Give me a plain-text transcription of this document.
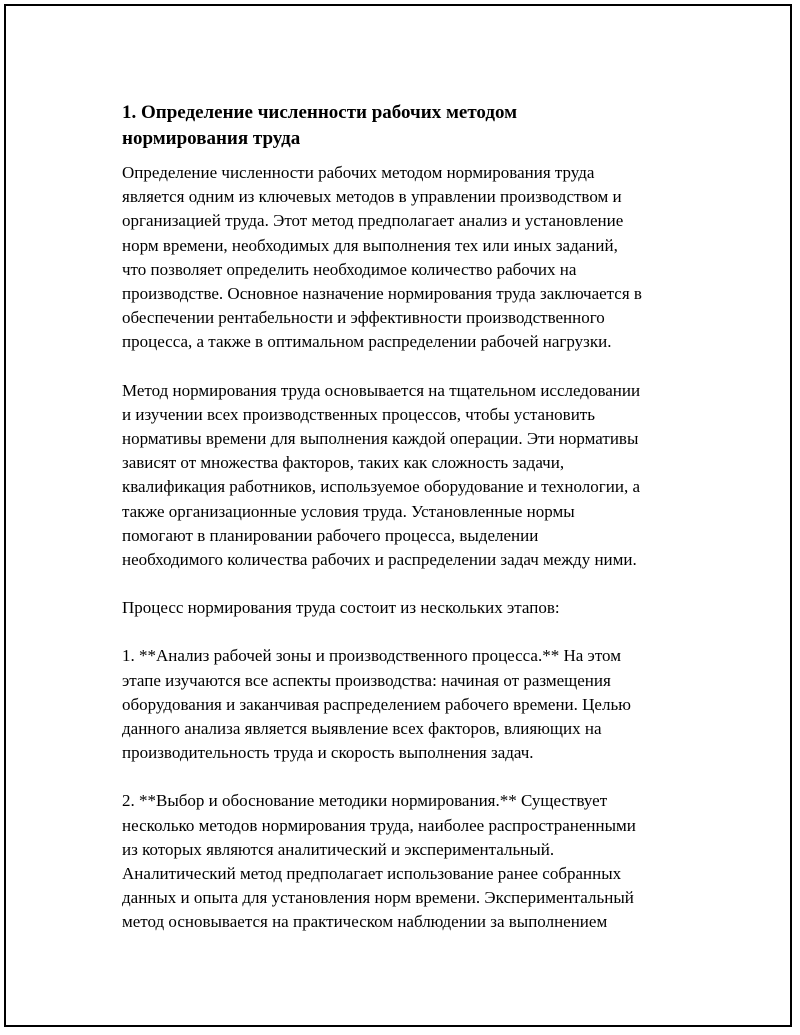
1. Определение численности рабочих методом
нормирования труда

Определение численности рабочих методом нормирования труда
является одним из ключевых методов в управлении производством и
организацией труда. Этот метод предполагает анализ и установление
норм времени, необходимых для выполнения тех или иных заданий,
что позволяет определить необходимое количество рабочих на
производстве. Основное назначение нормирования труда заключается в
обеспечении рентабельности и эффективности производственного
процесса, а также в оптимальном распределении рабочей нагрузки.

Метод нормирования труда основывается на тщательном исследовании
и изучении всех производственных процессов, чтобы установить
нормативы времени для выполнения каждой операции. Эти нормативы
зависят от множества факторов, таких как сложность задачи,
квалификация работников, используемое оборудование и технологии, а
также организационные условия труда. Установленные нормы
помогают в планировании рабочего процесса, выделении
необходимого количества рабочих и распределении задач между ними.

Процесс нормирования труда состоит из нескольких этапов:

1. **Анализ рабочей зоны и производственного процесса.** На этом
этапе изучаются все аспекты производства: начиная от размещения
оборудования и заканчивая распределением рабочего времени. Целью
данного анализа является выявление всех факторов, влияющих на
производительность труда и скорость выполнения задач.

2. **Выбор и обоснование методики нормирования.** Существует
несколько методов нормирования труда, наиболее распространенными
из которых являются аналитический и экспериментальный.
Аналитический метод предполагает использование ранее собранных
данных и опыта для установления норм времени. Экспериментальный
метод основывается на практическом наблюдении за выполнением
